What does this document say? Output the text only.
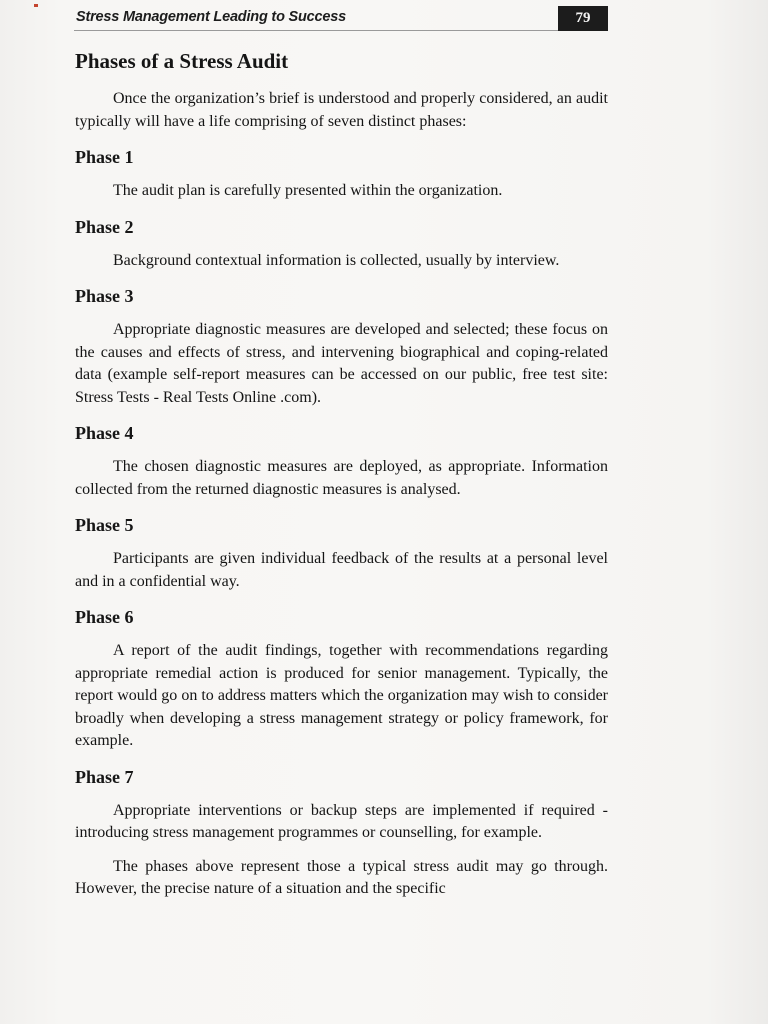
Stress Management Leading to Success	79
Phases of a Stress Audit

Once the organization’s brief is understood and properly considered, an audit typically will have a life comprising of seven distinct phases:

Phase 1

The audit plan is carefully presented within the organization.

Phase 2

Background contextual information is collected, usually by interview.

Phase 3

Appropriate diagnostic measures are developed and selected; these focus on the causes and effects of stress, and intervening biographical and coping-related data (example self-report measures can be accessed on our public, free test site: Stress Tests - Real Tests Online .com).

Phase 4

The chosen diagnostic measures are deployed, as appropriate. Information collected from the returned diagnostic measures is analysed.

Phase 5

Participants are given individual feedback of the results at a personal level and in a confidential way.

Phase 6

A report of the audit findings, together with recommendations regarding appropriate remedial action is produced for senior management. Typically, the report would go on to address matters which the organization may wish to consider broadly when developing a stress management strategy or policy framework, for example.

Phase 7

Appropriate interventions or backup steps are implemented if required - introducing stress management programmes or counselling, for example.

The phases above represent those a typical stress audit may go through. However, the precise nature of a situation and the specific
